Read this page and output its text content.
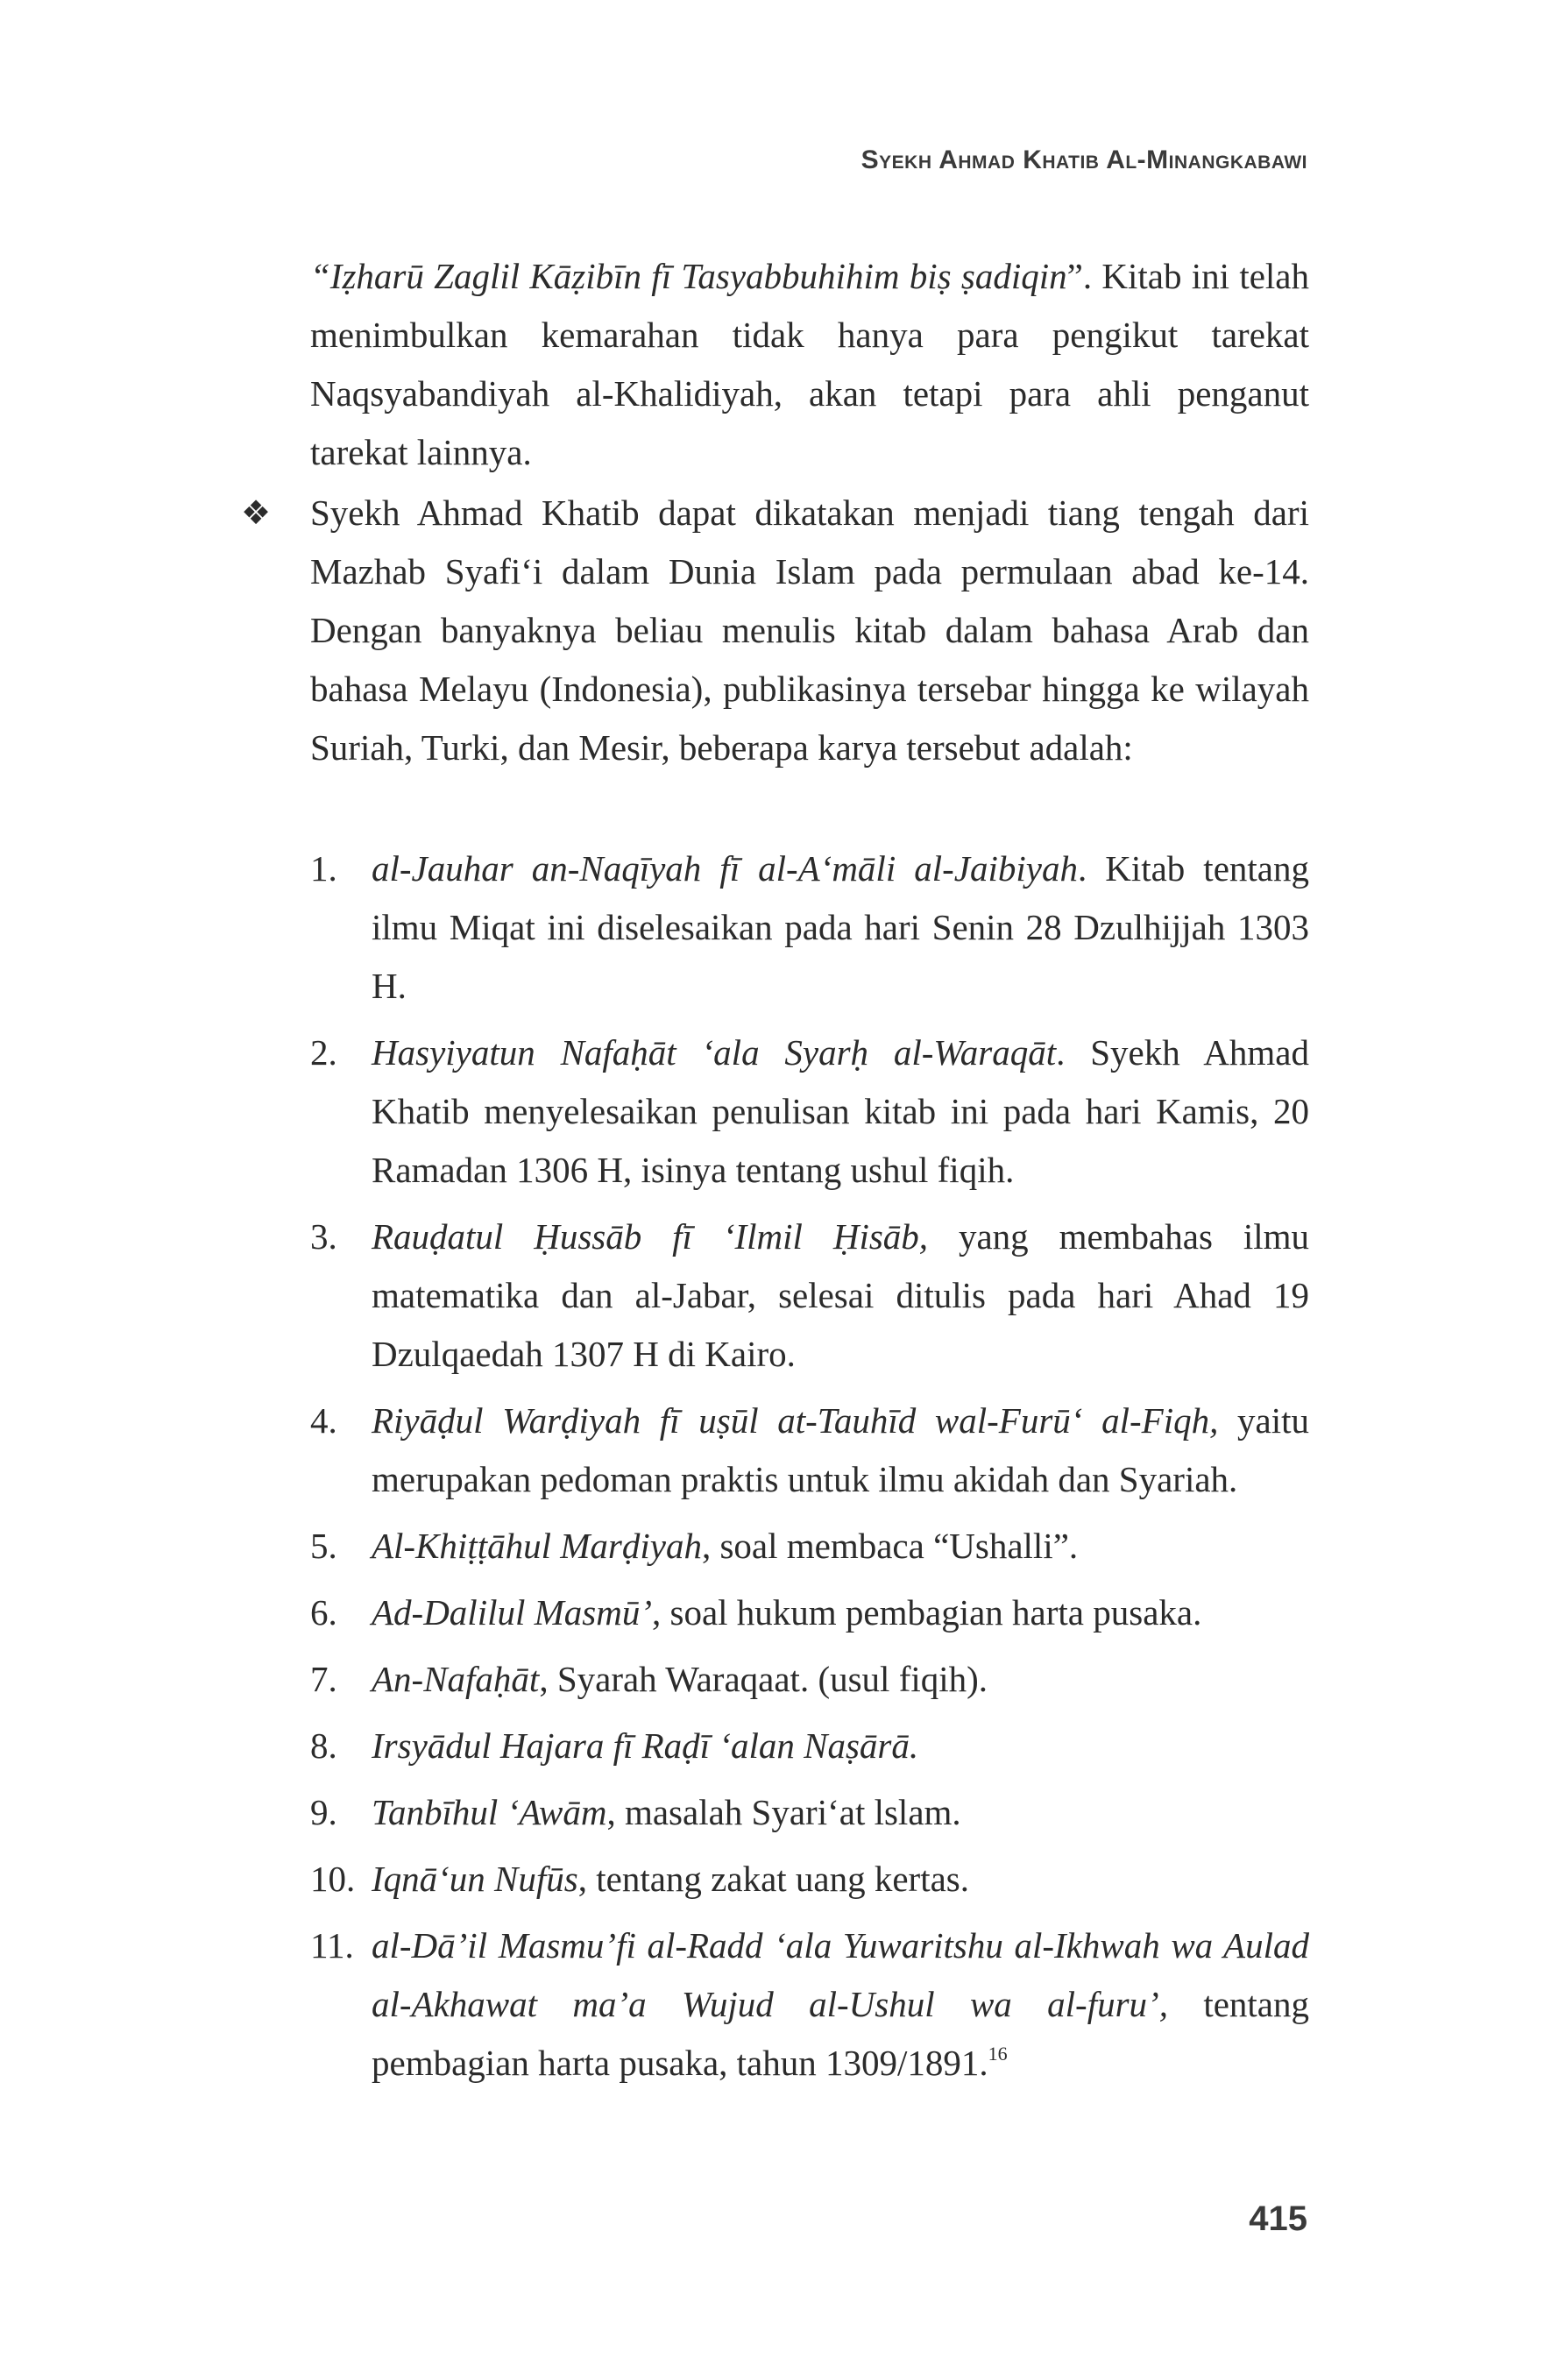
Syekh Ahmad Khatib Al-Minangkabawi

“Iẓharū Zaglil Kāẓibīn fī Tasyabbuhihim biṣ ṣadiqin”. Kitab ini telah menimbulkan kemarahan tidak hanya para pengikut tarekat Naqsyabandiyah al-Khalidiyah, akan tetapi para ahli penganut tarekat lainnya.

❖ Syekh Ahmad Khatib dapat dikatakan menjadi tiang tengah dari Mazhab Syafi‘i dalam Dunia Islam pada permulaan abad ke-14. Dengan banyaknya beliau menulis kitab dalam bahasa Arab dan bahasa Melayu (Indonesia), publikasinya tersebar hingga ke wilayah Suriah, Turki, dan Mesir, beberapa karya tersebut adalah:

1. al-Jauhar an-Naqīyah fī al-A‘māli al-Jaibiyah. Kitab tentang ilmu Miqat ini diselesaikan pada hari Senin 28 Dzulhijjah 1303 H.
2. Hasyiyatun Nafaḥāt ‘ala Syarḥ al-Waraqāt. Syekh Ahmad Khatib menyelesaikan penulisan kitab ini pada hari Kamis, 20 Ramadan 1306 H, isinya tentang ushul fiqih.
3. Rauḍatul Ḥussāb fī ‘Ilmil Ḥisāb, yang membahas ilmu matematika dan al-Jabar, selesai ditulis pada hari Ahad 19 Dzulqaedah 1307 H di Kairo.
4. Riyāḍul Warḍiyah fī uṣūl at-Tauhīd wal-Furū‘ al-Fiqh, yaitu merupakan pedoman praktis untuk ilmu akidah dan Syariah.
5. Al-Khiṭṭāhul Marḍiyah, soal membaca “Ushalli”.
6. Ad-Dalilul Masmū’, soal hukum pembagian harta pusaka.
7. An-Nafaḥāt, Syarah Waraqaat. (usul fiqih).
8. Irsyādul Hajara fī Raḍī ‘alan Naṣārā.
9. Tanbīhul ‘Awām, masalah Syari‘at lslam.
10. Iqnā‘un Nufūs, tentang zakat uang kertas.
11. al-Dā’il Masmu’fi al-Radd ‘ala Yuwaritshu al-Ikhwah wa Aulad al-Akhawat ma’a Wujud al-Ushul wa al-furu’, tentang pembagian harta pusaka, tahun 1309/1891.16
415
